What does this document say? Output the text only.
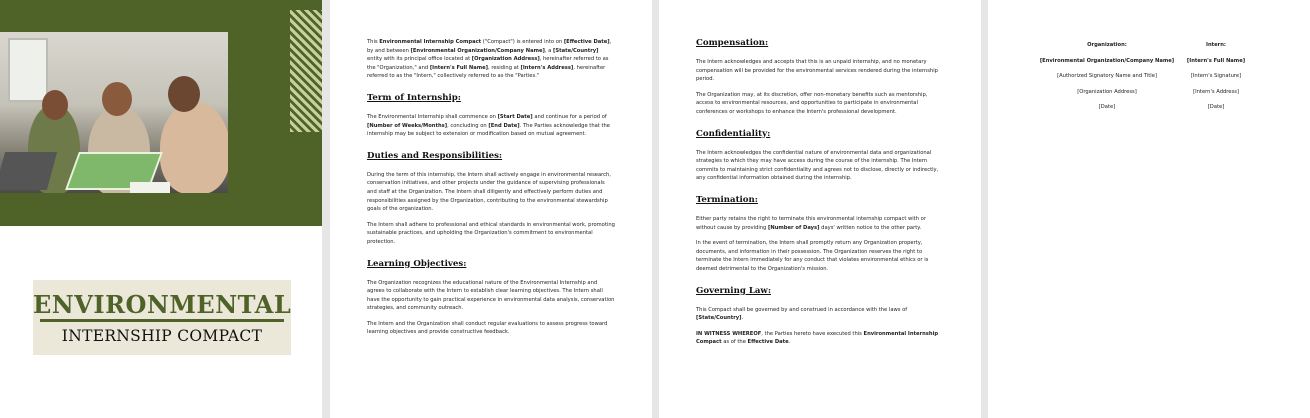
ENVIRONMENTAL
INTERNSHIP COMPACT

This Environmental Internship Compact ("Compact") is entered into on [Effective Date], by and between [Environmental Organization/Company Name], a [State/Country] entity with its principal office located at [Organization Address], hereinafter referred to as the "Organization," and [Intern's Full Name], residing at [Intern's Address], hereinafter referred to as the "Intern," collectively referred to as the "Parties."

Term of Internship:

The Environmental Internship shall commence on [Start Date] and continue for a period of [Number of Weeks/Months], concluding on [End Date]. The Parties acknowledge that the internship may be subject to extension or modification based on mutual agreement.

Duties and Responsibilities:

During the term of this internship, the Intern shall actively engage in environmental research, conservation initiatives, and other projects under the guidance of supervising professionals and staff at the Organization. The Intern shall diligently and effectively perform duties and responsibilities assigned by the Organization, contributing to the environmental stewardship goals of the organization.

The Intern shall adhere to professional and ethical standards in environmental work, promoting sustainable practices, and upholding the Organization's commitment to environmental protection.

Learning Objectives:

The Organization recognizes the educational nature of the Environmental Internship and agrees to collaborate with the Intern to establish clear learning objectives. The Intern shall have the opportunity to gain practical experience in environmental data analysis, conservation strategies, and community outreach.

The Intern and the Organization shall conduct regular evaluations to assess progress toward learning objectives and provide constructive feedback.

Compensation:

The Intern acknowledges and accepts that this is an unpaid internship, and no monetary compensation will be provided for the environmental services rendered during the internship period.

The Organization may, at its discretion, offer non-monetary benefits such as mentorship, access to environmental resources, and opportunities to participate in environmental conferences or workshops to enhance the Intern's professional development.

Confidentiality:

The Intern acknowledges the confidential nature of environmental data and organizational strategies to which they may have access during the course of the internship. The Intern commits to maintaining strict confidentiality and agrees not to disclose, directly or indirectly, any confidential information obtained during the internship.

Termination:

Either party retains the right to terminate this environmental internship compact with or without cause by providing [Number of Days] days' written notice to the other party.

In the event of termination, the Intern shall promptly return any Organization property, documents, and information in their possession. The Organization reserves the right to terminate the Intern immediately for any conduct that violates environmental ethics or is deemed detrimental to the Organization's mission.

Governing Law:

This Compact shall be governed by and construed in accordance with the laws of [State/Country].

IN WITNESS WHEREOF, the Parties hereto have executed this Environmental Internship Compact as of the Effective Date.

Organization:
[Environmental Organization/Company Name]
[Authorized Signatory Name and Title]
[Organization Address]
[Date]
Intern:
[Intern's Full Name]
[Intern's Signature]
[Intern's Address]
[Date]
